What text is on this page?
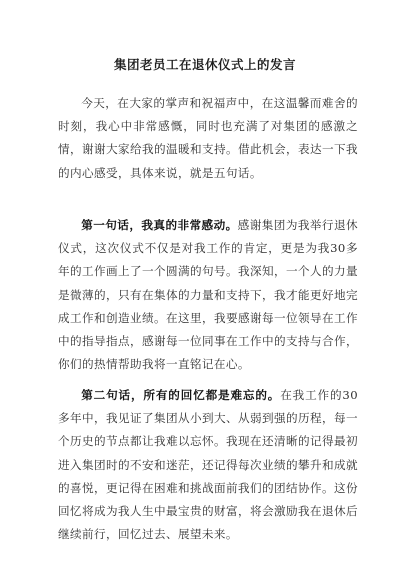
集团老员工在退休仪式上的发言

今天，在大家的掌声和祝福声中，在这温馨而难舍的时刻，我心中非常感慨，同时也充满了对集团的感激之情，谢谢大家给我的温暖和支持。借此机会，表达一下我的内心感受，具体来说，就是五句话。

第一句话，我真的非常感动。感谢集团为我举行退休仪式，这次仪式不仅是对我工作的肯定，更是为我30多年的工作画上了一个圆满的句号。我深知，一个人的力量是微薄的，只有在集体的力量和支持下，我才能更好地完成工作和创造业绩。在这里，我要感谢每一位领导在工作中的指导指点，感谢每一位同事在工作中的支持与合作，你们的热情帮助我将一直铭记在心。

第二句话，所有的回忆都是难忘的。在我工作的30多年中，我见证了集团从小到大、从弱到强的历程，每一个历史的节点都让我难以忘怀。我现在还清晰的记得最初进入集团时的不安和迷茫，还记得每次业绩的攀升和成就的喜悦，更记得在困难和挑战面前我们的团结协作。这份回忆将成为我人生中最宝贵的财富，将会激励我在退休后继续前行，回忆过去、展望未来。
